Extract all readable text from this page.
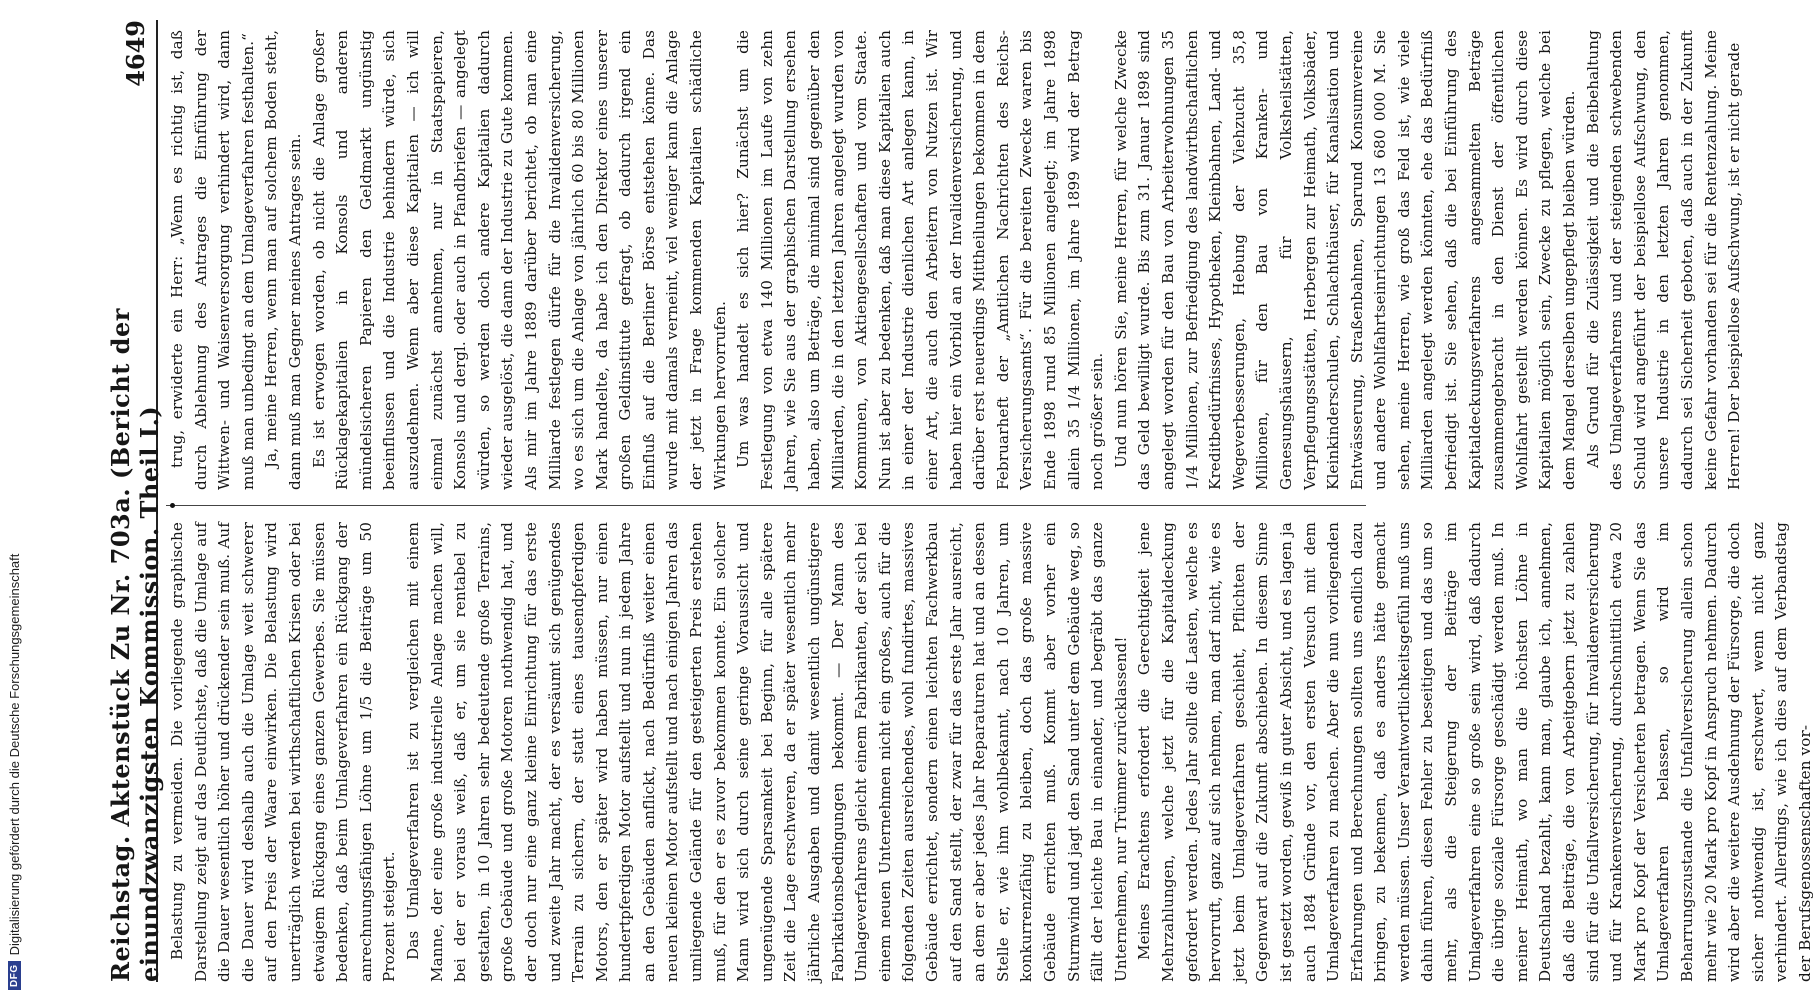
DFG
Digitalisierung gefördert durch die Deutsche Forschungsgemeinschaft	Reichstag. Aktenstück Zu Nr. 703a. (Bericht der einundzwanzigsten Kommission. Theil I.)
4649

Belastung zu vermeiden. Die vorliegende graphische Darstellung zeigt auf das Deutlichste, daß die Umlage auf die Dauer wesentlich höher und drückender sein muß. Auf die Dauer wird deshalb auch die Umlage weit schwerer auf den Preis der Waare einwirken. Die Belastung wird unerträglich werden bei wirthschaftlichen Krisen oder bei etwaigem Rückgang eines ganzen Gewerbes. Sie müssen bedenken, daß beim Umlageverfahren ein Rückgang der anrechnungsfähigen Löhne um 1/5 die Beiträge um 50 Prozent steigert. Das Umlageverfahren ist zu vergleichen mit einem Manne, der eine große industrielle Anlage machen will, bei der er voraus weiß, daß er, um sie rentabel zu gestalten, in 10 Jahren sehr bedeutende große Terrains, große Gebäude und große Motoren nothwendig hat, und der doch nur eine ganz kleine Einrichtung für das erste und zweite Jahr macht, der es versäumt sich genügendes Terrain zu sichern, der statt eines tausendpferdigen Motors, den er später wird haben müssen, nur einen hundertpferdigen Motor aufstellt und nun in jedem Jahre an den Gebäuden anflickt, nach Bedürfniß weiter einen neuen kleinen Motor aufstellt und nach einigen Jahren das umliegende Gelände für den gesteigerten Preis erstehen muß, für den er es zuvor bekommen konnte. Ein solcher Mann wird sich durch seine geringe Voraussicht und ungenügende Sparsamkeit bei Beginn, für alle spätere Zeit die Lage erschweren, da er später wesentlich mehr jährliche Ausgaben und damit wesentlich ungünstigere Fabrikationsbedingungen bekommt. — Der Mann des Umlageverfahrens gleicht einem Fabrikanten, der sich bei einem neuen Unternehmen nicht ein großes, auch für die folgenden Zeiten ausreichendes, wohl fundirtes, massives Gebäude errichtet, sondern einen leichten Fachwerkbau auf den Sand stellt, der zwar für das erste Jahr ausreicht, an dem er aber jedes Jahr Reparaturen hat und an dessen Stelle er, wie ihm wohlbekannt, nach 10 Jahren, um konkurrenzfähig zu bleiben, doch das große massive Gebäude errichten muß. Kommt aber vorher ein Sturmwind und jagt den Sand unter dem Gebäude weg, so fällt der leichte Bau in einander, und begräbt das ganze Unternehmen, nur Trümmer zurücklassend! Meines Erachtens erfordert die Gerechtigkeit jene Mehrzahlungen, welche jetzt für die Kapitaldeckung gefordert werden. Jedes Jahr sollte die Lasten, welche es hervorruft, ganz auf sich nehmen, man darf nicht, wie es jetzt beim Umlageverfahren geschieht, Pflichten der Gegenwart auf die Zukunft abschieben. In diesem Sinne ist gesetzt worden, gewiß in guter Absicht, und es lagen ja auch 1884 Gründe vor, den ersten Versuch mit dem Umlageverfahren zu machen. Aber die nun vorliegenden Erfahrungen und Berechnungen sollten uns endlich dazu bringen, zu bekennen, daß es anders hätte gemacht werden müssen. Unser Verantwortlichkeitsgefühl muß uns dahin führen, diesen Fehler zu beseitigen und das um so mehr, als die Steigerung der Beiträge im Umlageverfahren eine so große sein wird, daß dadurch die übrige soziale Fürsorge geschädigt werden muß. In meiner Heimath, wo man die höchsten Löhne in Deutschland bezahlt, kann man, glaube ich, annehmen, daß die Beiträge, die von Arbeitgebern jetzt zu zahlen sind für die Unfallversicherung, für Invalidenversicherung und für Krankenversicherung, durchschnittlich etwa 20 Mark pro Kopf der Versicherten betragen. Wenn Sie das Umlageverfahren belassen, so wird im Beharrungszustande die Unfallversicherung allein schon mehr wie 20 Mark pro Kopf in Anspruch nehmen. Dadurch wird aber die weitere Ausdehnung der Fürsorge, die doch sicher nothwendig ist, erschwert, wenn nicht ganz verhindert. Allerdings, wie ich dies auf dem Verbandstag der Berufsgenossenschaften vor-

trug, erwiderte ein Herr: „Wenn es richtig ist, daß durch Ablehnung des Antrages die Einführung der Wittwen- und Waisenversorgung verhindert wird, dann muß man unbedingt an dem Umlageverfahren festhalten.“ Ja, meine Herren, wenn man auf solchem Boden steht, dann muß man Gegner meines Antrages sein. Es ist erwogen worden, ob nicht die Anlage großer Rücklagekapitalien in Konsols und anderen mündelsicheren Papieren den Geldmarkt ungünstig beeinflussen und die Industrie behindern würde, sich auszudehnen. Wenn aber diese Kapitalien — ich will einmal zunächst annehmen, nur in Staatspapieren, Konsols und dergl. oder auch in Pfandbriefen — angelegt würden, so werden doch andere Kapitalien dadurch wieder ausgelöst, die dann der Industrie zu Gute kommen. Als mir im Jahre 1889 darüber berichtet, ob man eine Milliarde festlegen dürfe für die Invalidenversicherung, wo es sich um die Anlage von jährlich 60 bis 80 Millionen Mark handelte, da habe ich den Direktor eines unserer großen Geldinstitute gefragt, ob dadurch irgend ein Einfluß auf die Berliner Börse entstehen könne. Das wurde mit damals verneint, viel weniger kann die Anlage der jetzt in Frage kommenden Kapitalien schädliche Wirkungen hervorrufen. Um was handelt es sich hier? Zunächst um die Festlegung von etwa 140 Millionen im Laufe von zehn Jahren, wie Sie aus der graphischen Darstellung ersehen haben, also um Beträge, die minimal sind gegenüber den Milliarden, die in den letzten Jahren angelegt wurden von Kommunen, von Aktiengesellschaften und vom Staate. Nun ist aber zu bedenken, daß man diese Kapitalien auch in einer der Industrie dienlichen Art anlegen kann, in einer Art, die auch den Arbeitern von Nutzen ist. Wir haben hier ein Vorbild an der Invalidenversicherung, und darüber erst neuerdings Mittheilungen bekommen in dem Februarheft der „Amtlichen Nachrichten des Reichs-Versicherungsamts“. Für die bereiten Zwecke waren bis Ende 1898 rund 85 Millionen angelegt; im Jahre 1898 allein 35 1/4 Millionen, im Jahre 1899 wird der Betrag noch größer sein. Und nun hören Sie, meine Herren, für welche Zwecke das Geld bewilligt wurde. Bis zum 31. Januar 1898 sind angelegt worden für den Bau von Arbeiterwohnungen 35 1/4 Millionen, zur Befriedigung des landwirthschaftlichen Kreditbedürfnisses, Hypotheken, Kleinbahnen, Land- und Wegeverbesserungen, Hebung der Viehzucht 35,8 Millionen, für den Bau von Kranken- und Genesungshäusern, für Volksheilstätten, Verpflegungsstätten, Herbergen zur Heimath, Volksbäder, Kleinkinderschulen, Schlachthäuser, für Kanalisation und Entwässerung, Straßenbahnen, Sparund Konsumvereine und andere Wohlfahrtseinrichtungen 13 680 000 M. Sie sehen, meine Herren, wie groß das Feld ist, wie viele Milliarden angelegt werden könnten, ehe das Bedürfniß befriedigt ist. Sie sehen, daß die bei Einführung des Kapitaldeckungsverfahrens angesammelten Beträge zusammengebracht in den Dienst der öffentlichen Wohlfahrt gestellt werden können. Es wird durch diese Kapitalien möglich sein, Zwecke zu pflegen, welche bei dem Mangel derselben ungepflegt bleiben würden. Als Grund für die Zulässigkeit und die Beibehaltung des Umlageverfahrens und der steigenden schwebenden Schuld wird angeführt der beispiellose Aufschwung, den unsere Industrie in den letzten Jahren genommen, dadurch sei Sicherheit geboten, daß auch in der Zukunft keine Gefahr vorhanden sei für die Rentenzahlung. Meine Herren! Der beispiellose Aufschwung, ist er nicht gerade
